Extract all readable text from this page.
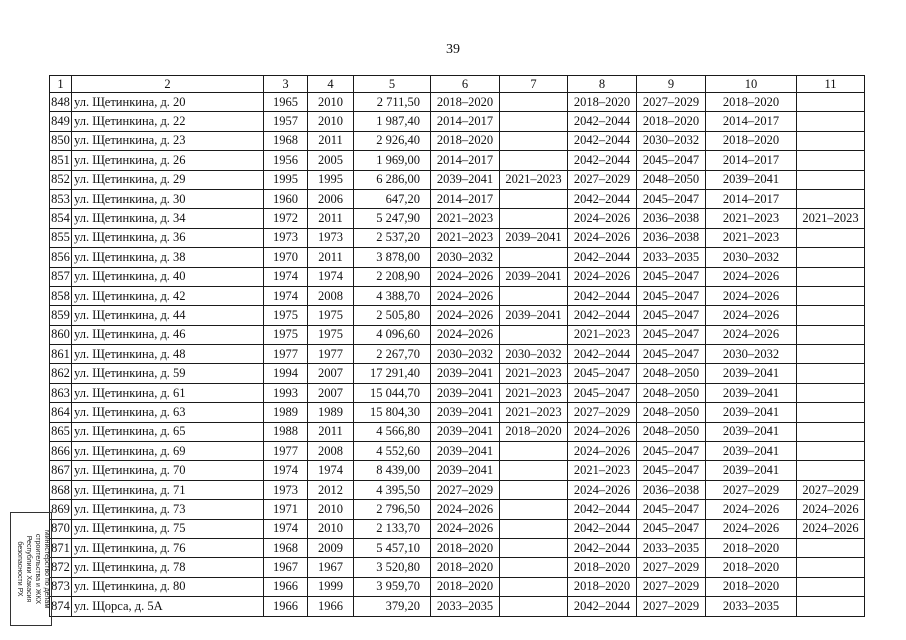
39
1	2	3	4	5	6	7	8	9	10	11
848	ул. Щетинкина, д. 20	1965	2010	2 711,50	2018–2020		2018–2020	2027–2029	2018–2020	
849	ул. Щетинкина, д. 22	1957	2010	1 987,40	2014–2017		2042–2044	2018–2020	2014–2017	
850	ул. Щетинкина, д. 23	1968	2011	2 926,40	2018–2020		2042–2044	2030–2032	2018–2020	
851	ул. Щетинкина, д. 26	1956	2005	1 969,00	2014–2017		2042–2044	2045–2047	2014–2017	
852	ул. Щетинкина, д. 29	1995	1995	6 286,00	2039–2041	2021–2023	2027–2029	2048–2050	2039–2041	
853	ул. Щетинкина, д. 30	1960	2006	647,20	2014–2017		2042–2044	2045–2047	2014–2017	
854	ул. Щетинкина, д. 34	1972	2011	5 247,90	2021–2023		2024–2026	2036–2038	2021–2023	2021–2023
855	ул. Щетинкина, д. 36	1973	1973	2 537,20	2021–2023	2039–2041	2024–2026	2036–2038	2021–2023	
856	ул. Щетинкина, д. 38	1970	2011	3 878,00	2030–2032		2042–2044	2033–2035	2030–2032	
857	ул. Щетинкина, д. 40	1974	1974	2 208,90	2024–2026	2039–2041	2024–2026	2045–2047	2024–2026	
858	ул. Щетинкина, д. 42	1974	2008	4 388,70	2024–2026		2042–2044	2045–2047	2024–2026	
859	ул. Щетинкина, д. 44	1975	1975	2 505,80	2024–2026	2039–2041	2042–2044	2045–2047	2024–2026	
860	ул. Щетинкина, д. 46	1975	1975	4 096,60	2024–2026		2021–2023	2045–2047	2024–2026	
861	ул. Щетинкина, д. 48	1977	1977	2 267,70	2030–2032	2030–2032	2042–2044	2045–2047	2030–2032	
862	ул. Щетинкина, д. 59	1994	2007	17 291,40	2039–2041	2021–2023	2045–2047	2048–2050	2039–2041	
863	ул. Щетинкина, д. 61	1993	2007	15 044,70	2039–2041	2021–2023	2045–2047	2048–2050	2039–2041	
864	ул. Щетинкина, д. 63	1989	1989	15 804,30	2039–2041	2021–2023	2027–2029	2048–2050	2039–2041	
865	ул. Щетинкина, д. 65	1988	2011	4 566,80	2039–2041	2018–2020	2024–2026	2048–2050	2039–2041	
866	ул. Щетинкина, д. 69	1977	2008	4 552,60	2039–2041		2024–2026	2045–2047	2039–2041	
867	ул. Щетинкина, д. 70	1974	1974	8 439,00	2039–2041		2021–2023	2045–2047	2039–2041	
868	ул. Щетинкина, д. 71	1973	2012	4 395,50	2027–2029		2024–2026	2036–2038	2027–2029	2027–2029
869	ул. Щетинкина, д. 73	1971	2010	2 796,50	2024–2026		2042–2044	2045–2047	2024–2026	2024–2026
870	ул. Щетинкина, д. 75	1974	2010	2 133,70	2024–2026		2042–2044	2045–2047	2024–2026	2024–2026
871	ул. Щетинкина, д. 76	1968	2009	5 457,10	2018–2020		2042–2044	2033–2035	2018–2020	
872	ул. Щетинкина, д. 78	1967	1967	3 520,80	2018–2020		2018–2020	2027–2029	2018–2020	
873	ул. Щетинкина, д. 80	1966	1999	3 959,70	2018–2020		2018–2020	2027–2029	2018–2020	
874	ул. Щорса, д. 5А	1966	1966	379,20	2033–2035		2042–2044	2027–2029	2033–2035	
Министерство по делам
строительства и ЖКХ
Республики Хакасия
безопасности РХ
